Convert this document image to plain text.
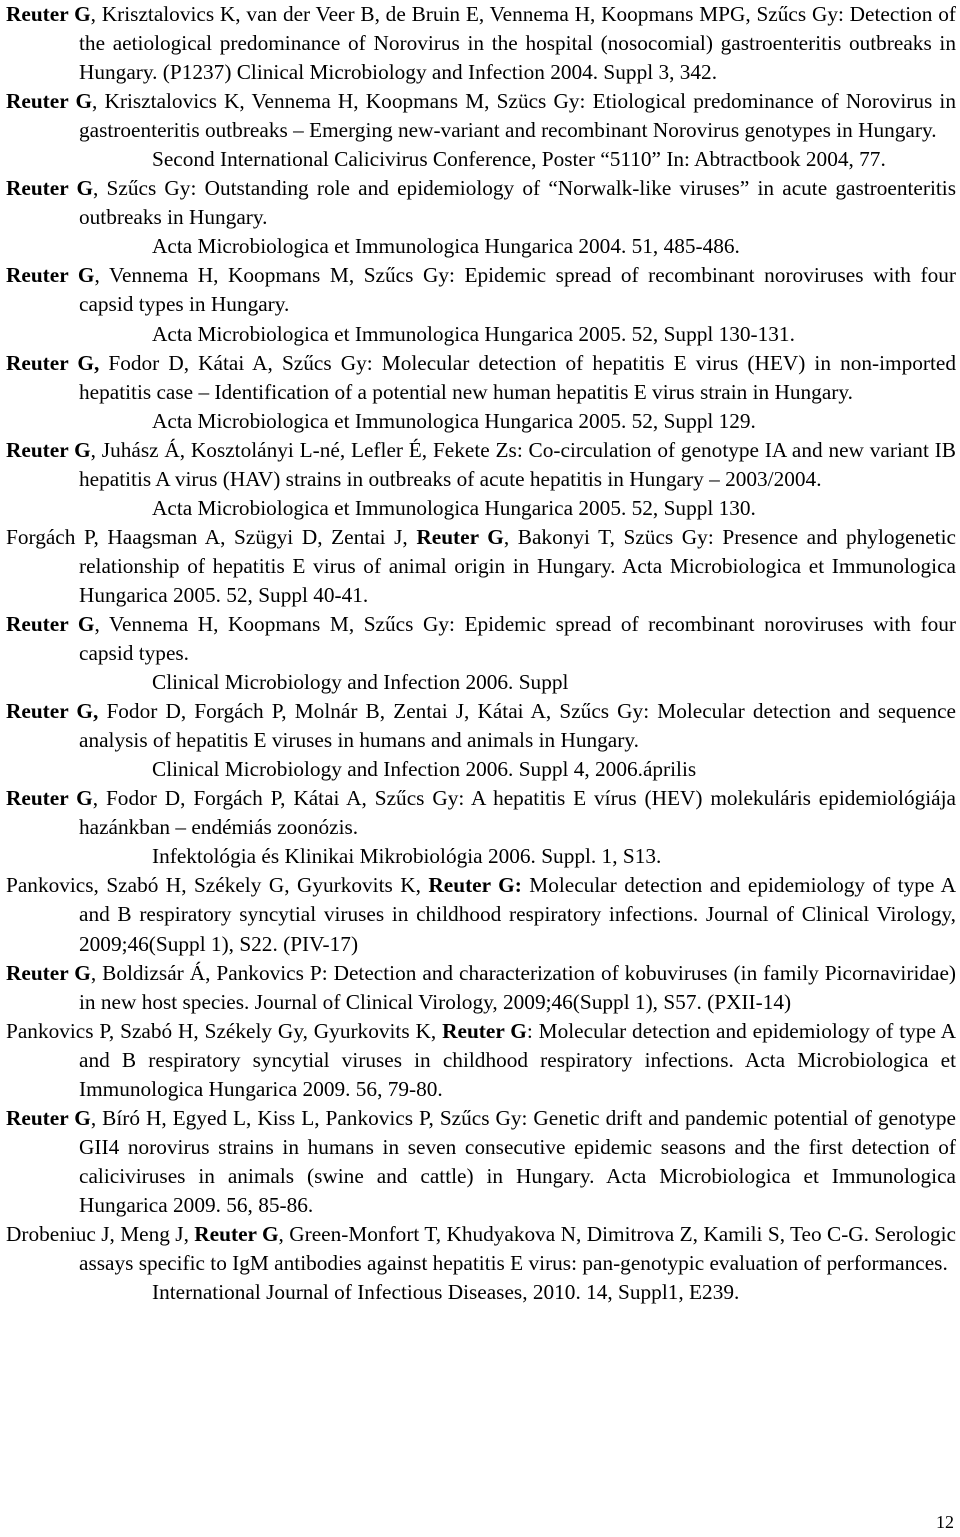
Reuter G, Krisztalovics K, van der Veer B, de Bruin E, Vennema H, Koopmans MPG, Szűcs Gy: Detection of the aetiological predominance of Norovirus in the hospital (nosocomial) gastroenteritis outbreaks in Hungary. (P1237) Clinical Microbiology and Infection 2004. Suppl 3, 342.

Reuter G, Krisztalovics K, Vennema H, Koopmans M, Szücs Gy: Etiological predominance of Norovirus in gastroenteritis outbreaks – Emerging new-variant and recombinant Norovirus genotypes in Hungary.
Second International Calicivirus Conference, Poster “5110” In: Abtractbook 2004, 77.

Reuter G, Szűcs Gy: Outstanding role and epidemiology of “Norwalk-like viruses” in acute gastroenteritis outbreaks in Hungary.
Acta Microbiologica et Immunologica Hungarica 2004. 51, 485-486.

Reuter G, Vennema H, Koopmans M, Szűcs Gy: Epidemic spread of recombinant noroviruses with four capsid types in Hungary.
Acta Microbiologica et Immunologica Hungarica 2005. 52, Suppl 130-131.

Reuter G, Fodor D, Kátai A, Szűcs Gy: Molecular detection of hepatitis E virus (HEV) in non-imported hepatitis case – Identification of a potential new human hepatitis E virus strain in Hungary.
Acta Microbiologica et Immunologica Hungarica 2005. 52, Suppl 129.

Reuter G, Juhász Á, Kosztolányi L-né, Lefler É, Fekete Zs: Co-circulation of genotype IA and new variant IB hepatitis A virus (HAV) strains in outbreaks of acute hepatitis in Hungary – 2003/2004.
Acta Microbiologica et Immunologica Hungarica 2005. 52, Suppl 130.

Forgách P, Haagsman A, Szügyi D, Zentai J, Reuter G, Bakonyi T, Szücs Gy: Presence and phylogenetic relationship of hepatitis E virus of animal origin in Hungary. Acta Microbiologica et Immunologica Hungarica 2005. 52, Suppl 40-41.

Reuter G, Vennema H, Koopmans M, Szűcs Gy: Epidemic spread of recombinant noroviruses with four capsid types.
Clinical Microbiology and Infection 2006. Suppl

Reuter G, Fodor D, Forgách P, Molnár B, Zentai J, Kátai A, Szűcs Gy: Molecular detection and sequence analysis of hepatitis E viruses in humans and animals in Hungary.
Clinical Microbiology and Infection 2006. Suppl 4, 2006.április

Reuter G, Fodor D, Forgách P, Kátai A, Szűcs Gy: A hepatitis E vírus (HEV) molekuláris epidemiológiája hazánkban – endémiás zoonózis.
Infektológia és Klinikai Mikrobiológia 2006. Suppl. 1, S13.

Pankovics, Szabó H, Székely G, Gyurkovits K, Reuter G: Molecular detection and epidemiology of type A and B respiratory syncytial viruses in childhood respiratory infections. Journal of Clinical Virology, 2009;46(Suppl 1), S22. (PIV-17)

Reuter G, Boldizsár Á, Pankovics P: Detection and characterization of kobuviruses (in family Picornaviridae) in new host species. Journal of Clinical Virology, 2009;46(Suppl 1), S57. (PXII-14)

Pankovics P, Szabó H, Székely Gy, Gyurkovits K, Reuter G: Molecular detection and epidemiology of type A and B respiratory syncytial viruses in childhood respiratory infections. Acta Microbiologica et Immunologica Hungarica 2009. 56, 79-80.

Reuter G, Bíró H, Egyed L, Kiss L, Pankovics P, Szűcs Gy: Genetic drift and pandemic potential of genotype GII4 norovirus strains in humans in seven consecutive epidemic seasons and the first detection of caliciviruses in animals (swine and cattle) in Hungary. Acta Microbiologica et Immunologica Hungarica 2009. 56, 85-86.

Drobeniuc J, Meng J, Reuter G, Green-Monfort T, Khudyakova N, Dimitrova Z, Kamili S, Teo C-G. Serologic assays specific to IgM antibodies against hepatitis E virus: pan-genotypic evaluation of performances.
International Journal of Infectious Diseases, 2010. 14, Suppl1, E239.

12
